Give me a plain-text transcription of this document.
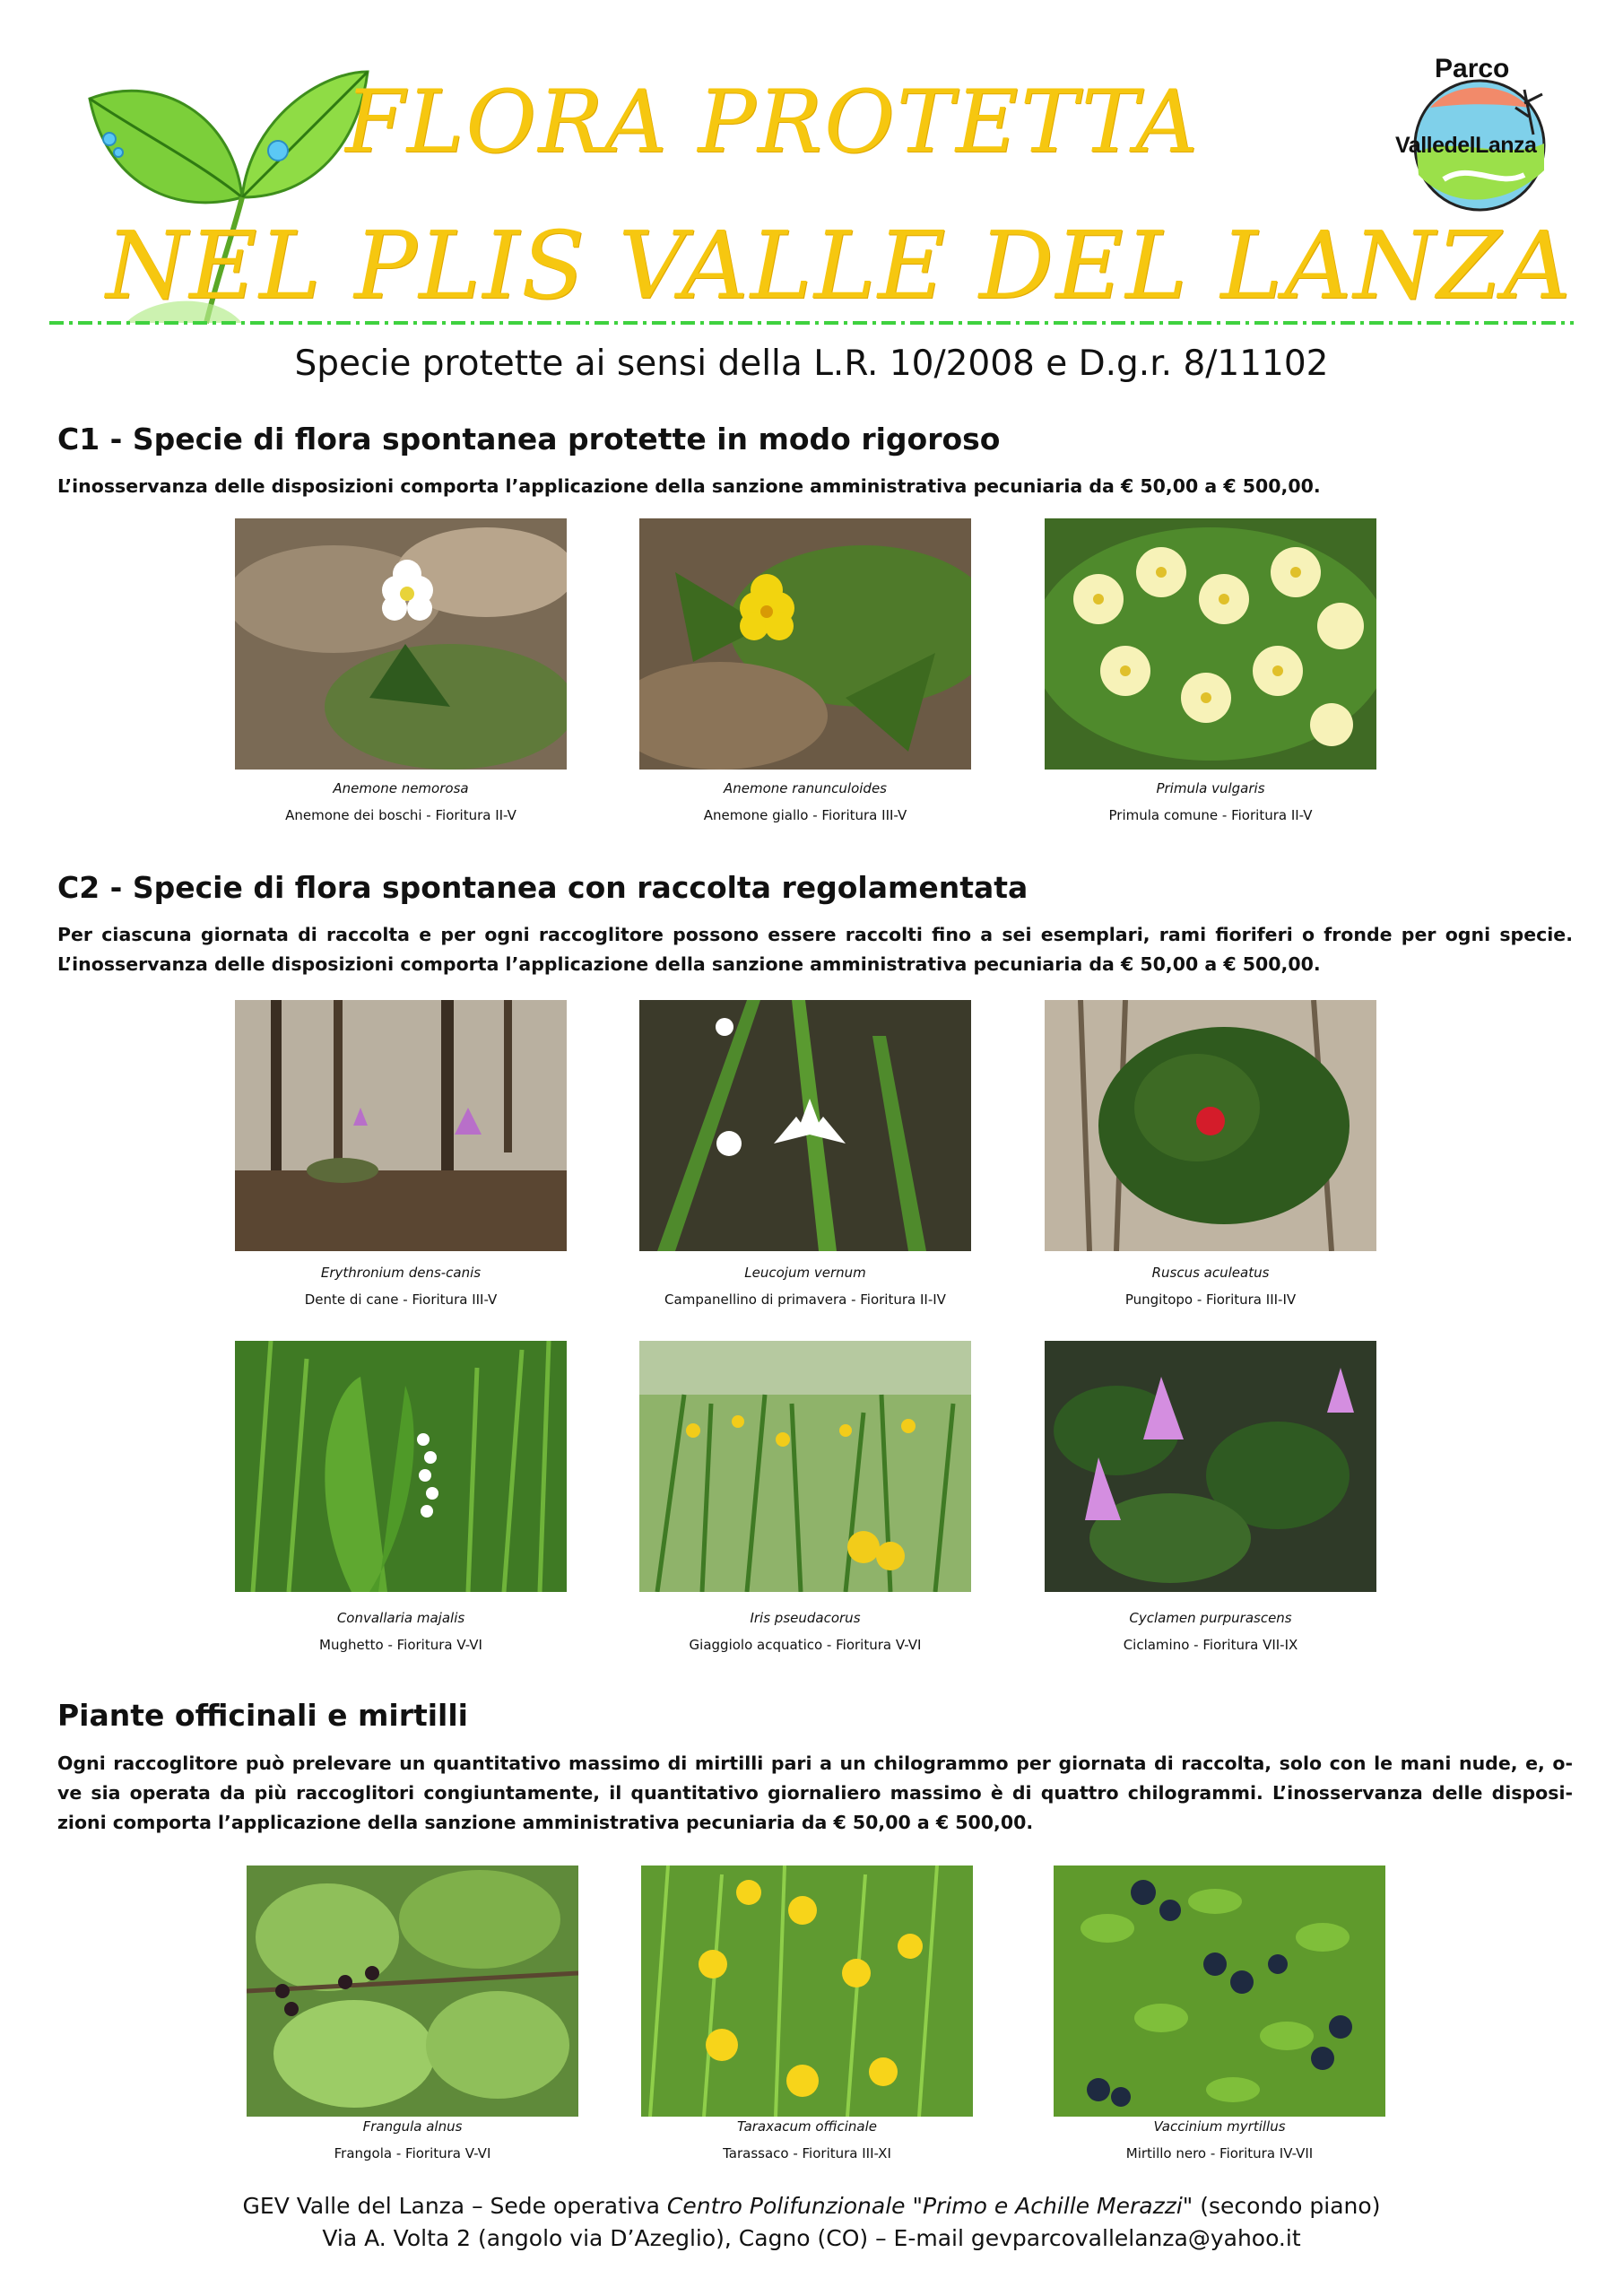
FLORA PROTETTA
NEL PLIS VALLE DEL LANZA
Parco
ValledelLanza
Specie protette ai sensi della L.R. 10/2008 e D.g.r. 8/11102
C1 - Specie di flora spontanea protette in modo rigoroso
L’inosservanza delle disposizioni comporta l’applicazione della sanzione amministrativa pecuniaria da € 50,00 a € 500,00.
Anemone nemorosa
Anemone dei boschi - Fioritura II-V
Anemone ranunculoides
Anemone giallo - Fioritura III-V
Primula vulgaris
Primula comune - Fioritura II-V
C2 - Specie di flora spontanea con raccolta regolamentata
Per ciascuna giornata di raccolta e per ogni raccoglitore possono essere raccolti fino a sei esemplari, rami fioriferi o fronde per ogni specie. L’inosservanza delle disposizioni comporta l’applicazione della sanzione amministrativa pecuniaria da € 50,00 a € 500,00.
Erythronium dens-canis
Dente di cane - Fioritura III-V
Leucojum vernum
Campanellino di primavera - Fioritura II-IV
Ruscus aculeatus
Pungitopo - Fioritura III-IV
Convallaria majalis
Mughetto - Fioritura V-VI
Iris pseudacorus
Giaggiolo acquatico - Fioritura V-VI
Cyclamen purpurascens
Ciclamino - Fioritura VII-IX
Piante officinali e mirtilli
Ogni raccoglitore può prelevare un quantitativo massimo di mirtilli pari a un chilogrammo per giornata di raccolta, solo con le mani nude, e, o- ve sia operata da più raccoglitori congiuntamente, il quantitativo giornaliero massimo è di quattro chilogrammi. L’inosservanza delle disposi- zioni comporta l’applicazione della sanzione amministrativa pecuniaria da € 50,00 a € 500,00.
Frangula alnus
Frangola - Fioritura V-VI
Taraxacum officinale
Tarassaco - Fioritura III-XI
Vaccinium myrtillus
Mirtillo nero - Fioritura IV-VII
GEV Valle del Lanza – Sede operativa Centro Polifunzionale "Primo e Achille Merazzi" (secondo piano)
Via A. Volta 2 (angolo via D’Azeglio), Cagno (CO) – E-mail gevparcovallelanza@yahoo.it
